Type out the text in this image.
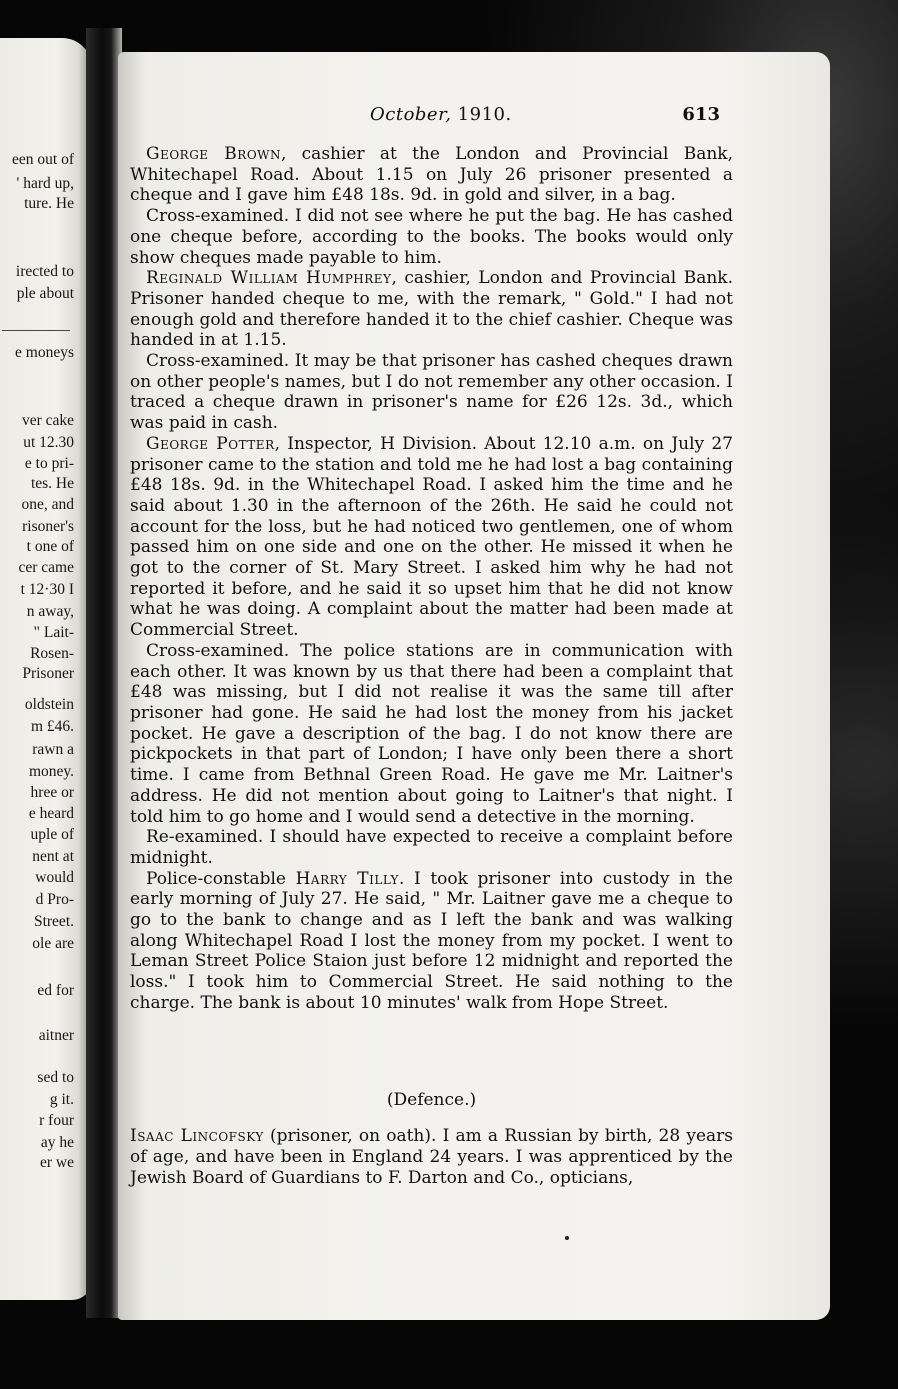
een out of
' hard up,
ture. He
irected to
ple about
e moneys
ver cake
ut 12.30
e to pri-
tes. He
one, and
risoner's
t one of
cer came
t 12·30 I
n away,
" Lait-
Rosen-
Prisoner
oldstein
m £46.
rawn a
money.
hree or
e heard
uple of
nent at
would
d Pro-
Street.
ole are
ed for
aitner
sed to
g it.
r four
ay he
er we
October, 1910.	613

George Brown, cashier at the London and Provincial Bank, Whitechapel Road. About 1.15 on July 26 prisoner presented a cheque and I gave him £48 18s. 9d. in gold and silver, in a bag.

Cross-examined. I did not see where he put the bag. He has cashed one cheque before, according to the books. The books would only show cheques made payable to him.

Reginald William Humphrey, cashier, London and Provincial Bank. Prisoner handed cheque to me, with the remark, " Gold." I had not enough gold and therefore handed it to the chief cashier. Cheque was handed in at 1.15.

Cross-examined. It may be that prisoner has cashed cheques drawn on other people's names, but I do not remember any other occasion. I traced a cheque drawn in prisoner's name for £26 12s. 3d., which was paid in cash.

George Potter, Inspector, H Division. About 12.10 a.m. on July 27 prisoner came to the station and told me he had lost a bag containing £48 18s. 9d. in the Whitechapel Road. I asked him the time and he said about 1.30 in the afternoon of the 26th. He said he could not account for the loss, but he had noticed two gentlemen, one of whom passed him on one side and one on the other. He missed it when he got to the corner of St. Mary Street. I asked him why he had not reported it before, and he said it so upset him that he did not know what he was doing. A complaint about the matter had been made at Commercial Street.

Cross-examined. The police stations are in communication with each other. It was known by us that there had been a complaint that £48 was missing, but I did not realise it was the same till after prisoner had gone. He said he had lost the money from his jacket pocket. He gave a description of the bag. I do not know there are pickpockets in that part of London; I have only been there a short time. I came from Bethnal Green Road. He gave me Mr. Laitner's address. He did not mention about going to Laitner's that night. I told him to go home and I would send a detective in the morning.

Re-examined. I should have expected to receive a complaint before midnight.

Police-constable Harry Tilly. I took prisoner into custody in the early morning of July 27. He said, " Mr. Laitner gave me a cheque to go to the bank to change and as I left the bank and was walking along Whitechapel Road I lost the money from my pocket. I went to Leman Street Police Staion just before 12 midnight and reported the loss." I took him to Commercial Street. He said nothing to the charge. The bank is about 10 minutes' walk from Hope Street.

(Defence.)

Isaac Lincofsky (prisoner, on oath). I am a Russian by birth, 28 years of age, and have been in England 24 years. I was apprenticed by the Jewish Board of Guardians to F. Darton and Co., opticians,
